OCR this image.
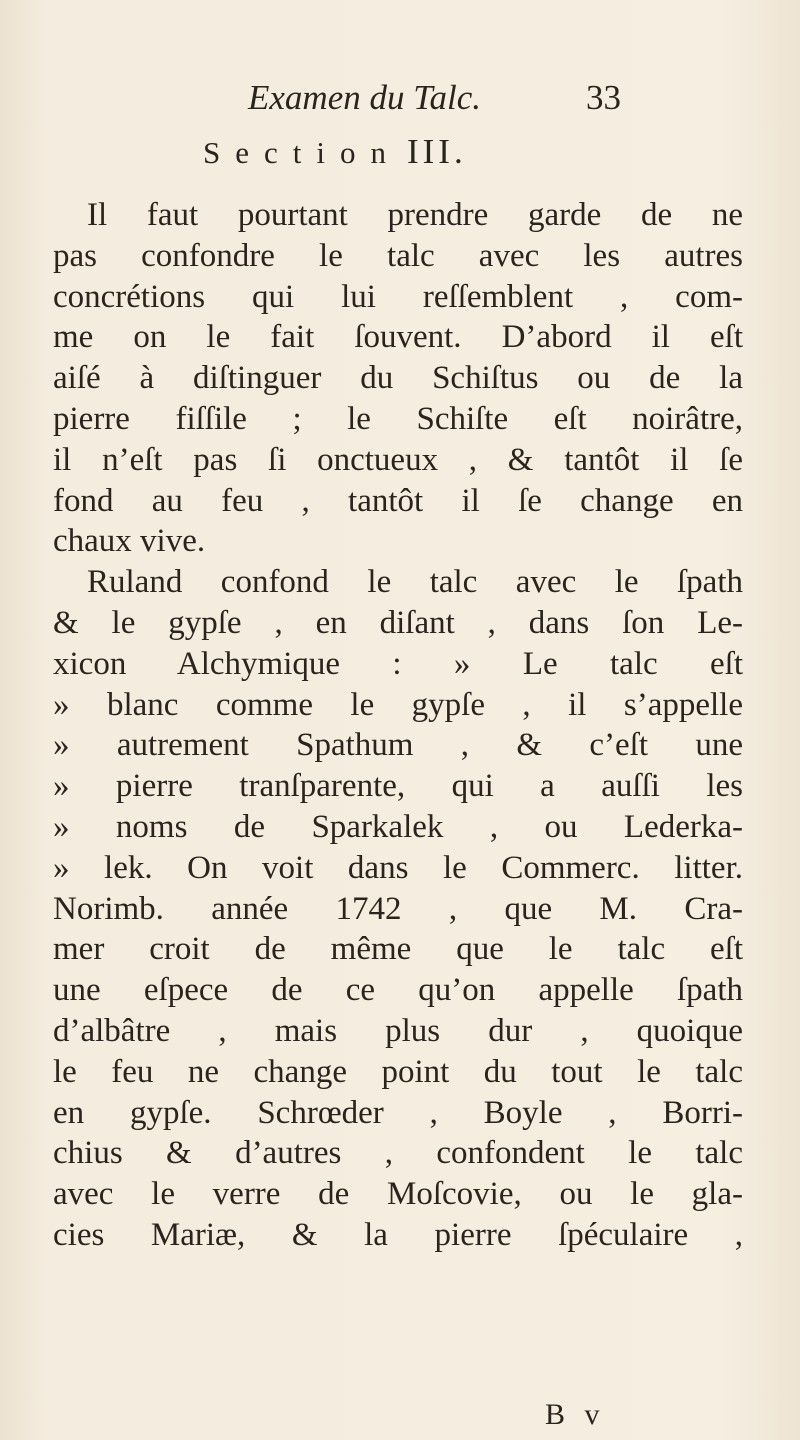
Examen du Talc.	33
Section III.
Il faut pourtant prendre garde de ne
pas confondre le talc avec les autres
concrétions qui lui reſſemblent , com-
me on le fait ſouvent. D’abord il eſt
aiſé à diſtinguer du Schiſtus ou de la
pierre fiſſile ; le Schiſte eſt noirâtre,
il n’eſt pas ſi onctueux , & tantôt il ſe
fond au feu , tantôt il ſe change en
chaux vive.
Ruland confond le talc avec le ſpath
& le gypſe , en diſant , dans ſon Le-
xicon Alchymique : » Le talc eſt
» blanc comme le gypſe , il s’appelle
» autrement Spathum , & c’eſt une
» pierre tranſparente, qui a auſſi les
» noms de Sparkalek , ou Lederka-
» lek. On voit dans le Commerc. litter.
Norimb. année 1742 , que M. Cra-
mer croit de même que le talc eſt
une eſpece de ce qu’on appelle ſpath
d’albâtre , mais plus dur , quoique
le feu ne change point du tout le talc
en gypſe. Schrœder , Boyle , Borri-
chius & d’autres , confondent le talc
avec le verre de Moſcovie, ou le gla-
cies Mariæ, & la pierre ſpéculaire ,
B v
